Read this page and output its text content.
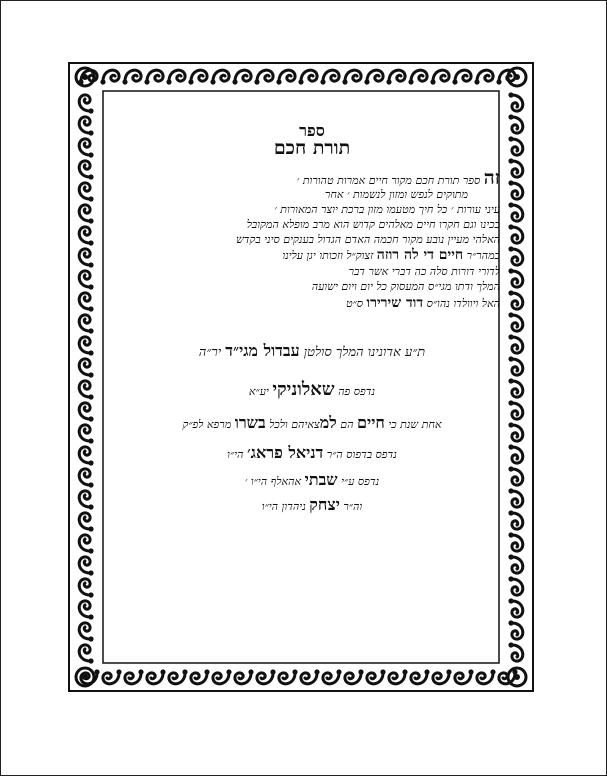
ספר
תורת חכם
זה ספר תורת חכם מקור חיים אמרות טהורות ׳
מתוקים לנפש ומזון לנשמות ׳ אחר
עיני עורות ׳ כל חיך מטעמו מזון ברכת יוצר המאורות ׳
ככינו וגם חקרו חיים מאלהים קדוש הוא מרב מופלא המקובל
האלהי מעיין נובע מקור חכמה האדם הגדול בענקים סיני בקדש
כמהר״ר חיים די לה רוזה זצוק״ל וזכותו יגן עלינו
לדורי דורות סלה כה דברי אשר דבר
המלך ודתו מגי״ס המעסוק כל יום ויום ישועה
האל ויוולדו נהו״ס דוד שירירו ס״ט
ת״ע אדונינו המלך סולטן עבדול מגי״ד יר״ה
נדפס פה שאלוניקי יע״א
אחת שנת כי חיים הם למצאיהם ולכל בשרו מרפא לפ״ק
נדפס בדפוס ה״ר דניאל פראג׳ הי״ו
נדפס ע״י שבתי אהאלף הי״ו ׳
וה״ר יצחק ניהדון הי״ו
